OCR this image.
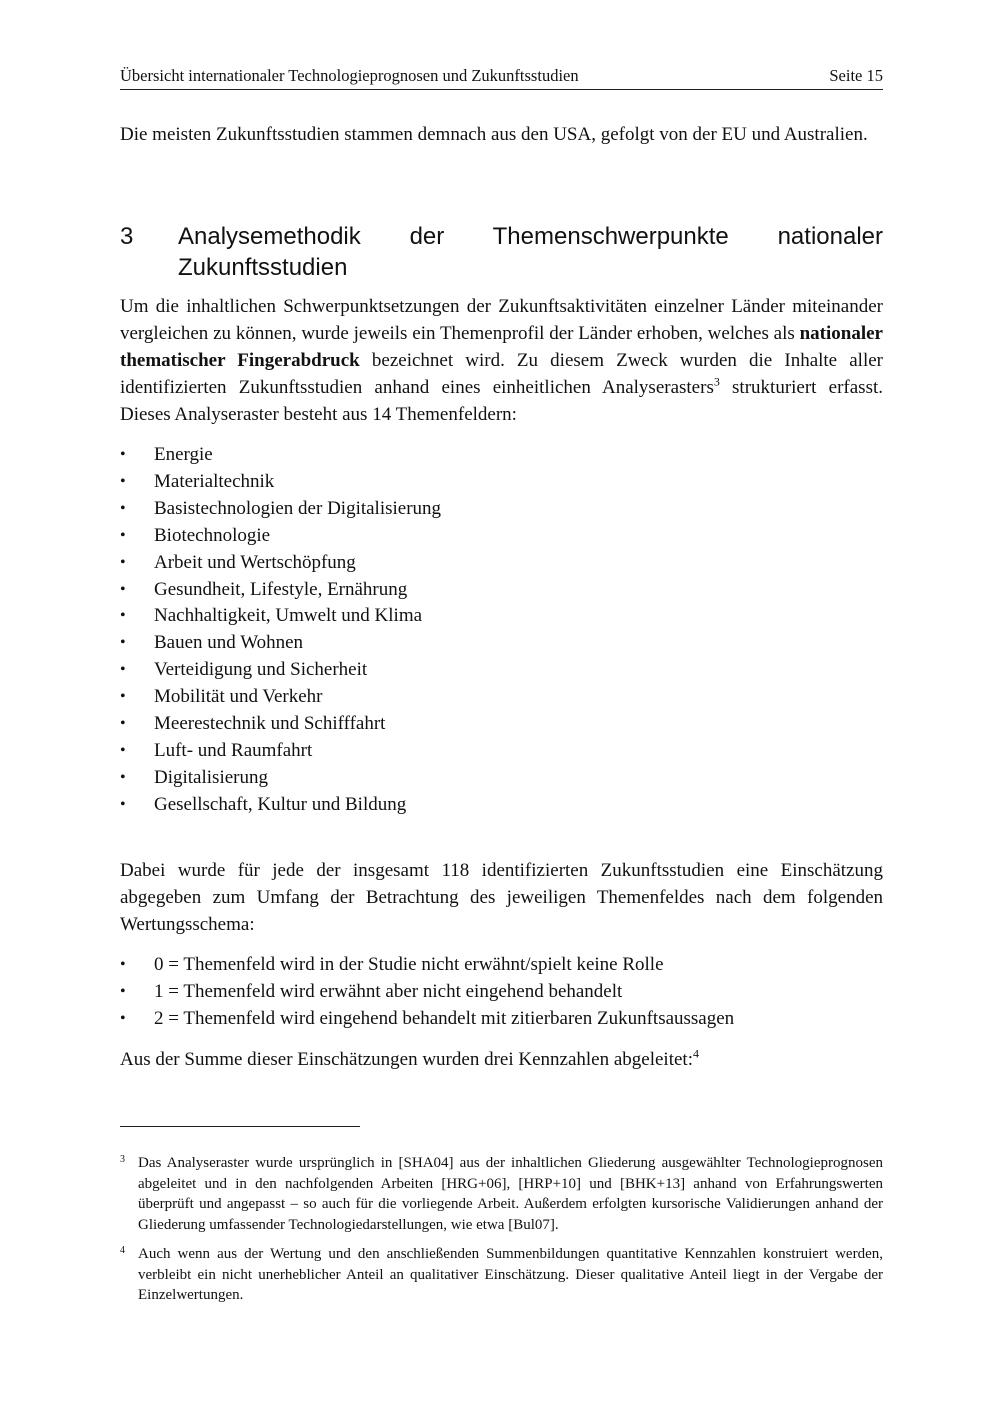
Übersicht internationaler Technologieprognosen und Zukunftsstudien	Seite 15

Die meisten Zukunftsstudien stammen demnach aus den USA, gefolgt von der EU und Australien.

3	Analysemethodik der Themenschwerpunkte nationaler Zukunftsstudien

Um die inhaltlichen Schwerpunktsetzungen der Zukunftsaktivitäten einzelner Länder miteinander vergleichen zu können, wurde jeweils ein Themenprofil der Länder erhoben, welches als nationaler thematischer Fingerabdruck bezeichnet wird. Zu diesem Zweck wurden die Inhalte aller identifizierten Zukunftsstudien anhand eines einheitlichen Analyserasters$^3$ strukturiert erfasst. Dieses Analyseraster besteht aus 14 Themenfeldern:

•	Energie
•	Materialtechnik
•	Basistechnologien der Digitalisierung
•	Biotechnologie
•	Arbeit und Wertschöpfung
•	Gesundheit, Lifestyle, Ernährung
•	Nachhaltigkeit, Umwelt und Klima
•	Bauen und Wohnen
•	Verteidigung und Sicherheit
•	Mobilität und Verkehr
•	Meerestechnik und Schifffahrt
•	Luft- und Raumfahrt
•	Digitalisierung
•	Gesellschaft, Kultur und Bildung

Dabei wurde für jede der insgesamt 118 identifizierten Zukunftsstudien eine Einschätzung abgegeben zum Umfang der Betrachtung des jeweiligen Themenfeldes nach dem folgenden Wertungsschema:

•	0 = Themenfeld wird in der Studie nicht erwähnt/spielt keine Rolle
•	1 = Themenfeld wird erwähnt aber nicht eingehend behandelt
•	2 = Themenfeld wird eingehend behandelt mit zitierbaren Zukunftsaussagen

Aus der Summe dieser Einschätzungen wurden drei Kennzahlen abgeleitet:$^4$

3 Das Analyseraster wurde ursprünglich in [SHA04] aus der inhaltlichen Gliederung ausgewählter Technologieprognosen abgeleitet und in den nachfolgenden Arbeiten [HRG+06], [HRP+10] und [BHK+13] anhand von Erfahrungswerten überprüft und angepasst – so auch für die vorliegende Arbeit. Außerdem erfolgten kursorische Validierungen anhand der Gliederung umfassender Technologiedarstellungen, wie etwa [Bul07].
4 Auch wenn aus der Wertung und den anschließenden Summenbildungen quantitative Kennzahlen konstruiert werden, verbleibt ein nicht unerheblicher Anteil an qualitativer Einschätzung. Dieser qualitative Anteil liegt in der Vergabe der Einzelwertungen.
